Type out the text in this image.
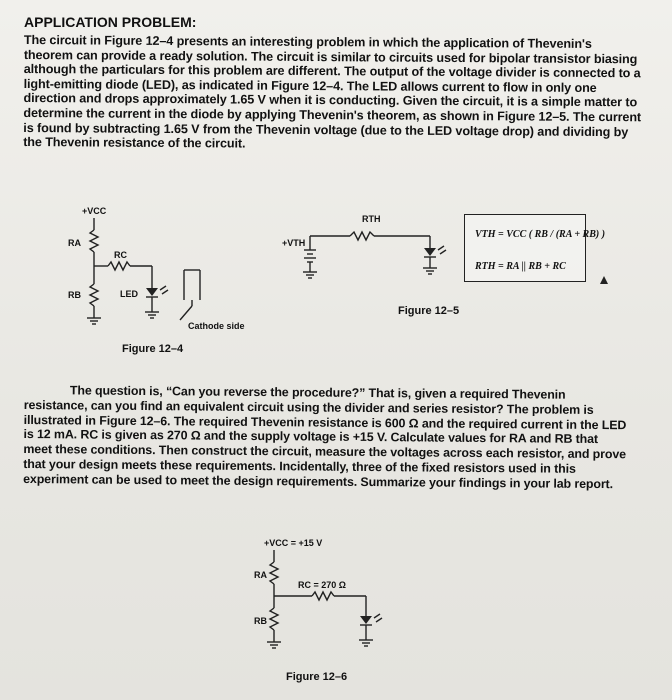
APPLICATION PROBLEM:
The circuit in Figure 12–4 presents an interesting problem in which the application of Thevenin's theorem can provide a ready solution. The circuit is similar to circuits used for bipolar transistor biasing although the particulars for this problem are different. The output of the voltage divider is connected to a light-emitting diode (LED), as indicated in Figure 12–4. The LED allows current to flow in only one direction and drops approximately 1.65 V when it is conducting. Given the circuit, it is a simple matter to determine the current in the diode by applying Thevenin's theorem, as shown in Figure 12–5. The current is found by subtracting 1.65 V from the Thevenin voltage (due to the LED voltage drop) and dividing by the Thevenin resistance of the circuit.
+VCC
RA
RB
RC
LED
Cathode side
Figure 12–4
+VTH
RTH
Figure 12–5
VTH = VCC ( RB / (RA + RB) )
RTH = RA || RB + RC
The question is, “Can you reverse the procedure?” That is, given a required Thevenin resistance, can you find an equivalent circuit using the divider and series resistor? The problem is illustrated in Figure 12–6. The required Thevenin resistance is 600 Ω and the required current in the LED is 12 mA. RC is given as 270 Ω and the supply voltage is +15 V. Calculate values for RA and RB that meet these conditions. Then construct the circuit, measure the voltages across each resistor, and prove that your design meets these requirements. Incidentally, three of the fixed resistors used in this experiment can be used to meet the design requirements. Summarize your findings in your lab report.
+VCC = +15 V
RA
RB
RC = 270 Ω
Figure 12–6
